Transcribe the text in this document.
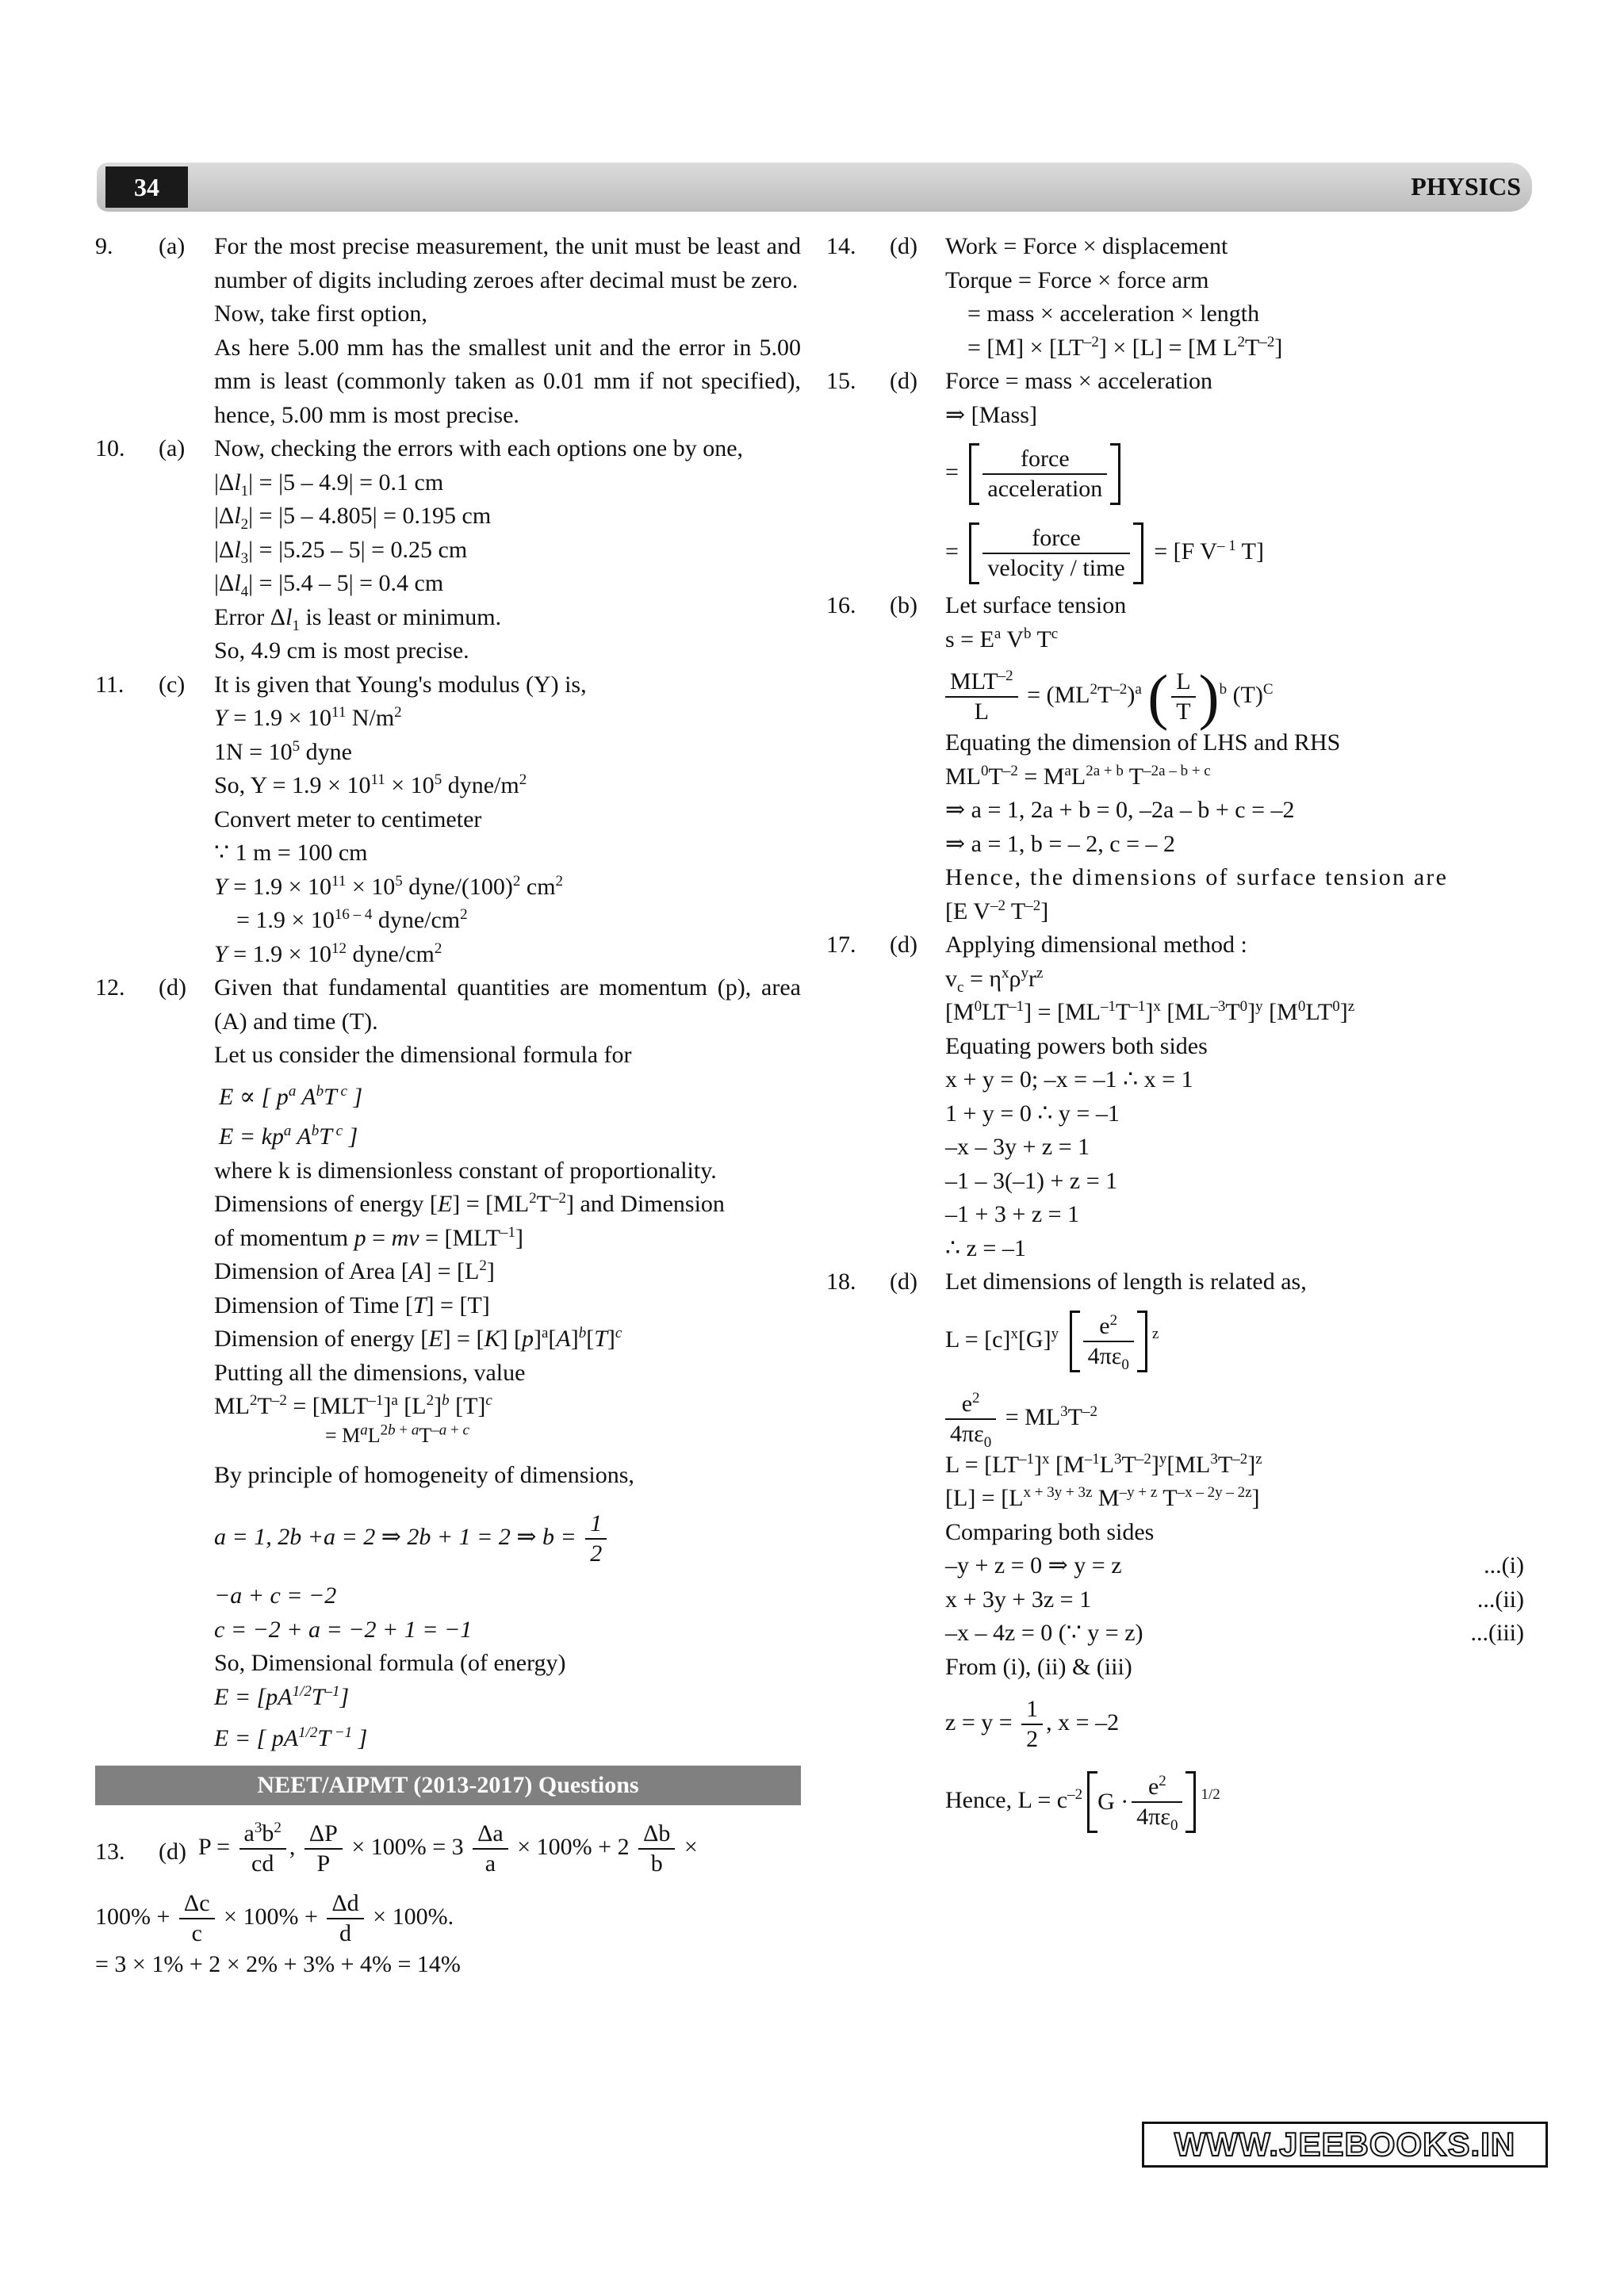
34	PHYSICS
9. (a) For the most precise measurement, the unit must be least and number of digits including zeroes after decimal must be zero.
Now, take first option,
As here 5.00 mm has the smallest unit and the error in 5.00 mm is least (commonly taken as 0.01 mm if not specified), hence, 5.00 mm is most precise.
10. (a) Now, checking the errors with each options one by one,
$|\Delta l_1| = |5 - 4.9| = 0.1$ cm
$|\Delta l_2| = |5 - 4.805| = 0.195$ cm
$|\Delta l_3| = |5.25 - 5| = 0.25$ cm
$|\Delta l_4| = |5.4 - 5| = 0.4$ cm
Error $\Delta l_1$ is least or minimum.
So, 4.9 cm is most precise.
11. (c) It is given that Young's modulus (Y) is,
$Y = 1.9 \times 10^{11}$ $N/m^2$
$1N = 10^5$ dyne
So, $Y = 1.9 \times 10^{11} \times 10^5$ dyne/$m^2$
Convert meter to centimeter
∵ 1 m = 100 cm
$Y = 1.9 \times 10^{11} \times 10^5$ dyne/$(100)^2$ $cm^2$
= $1.9 \times 10^{16 - 4}$ dyne/$cm^2$
$Y = 1.9 \times 10^{12}$ dyne/$cm^2$
12. (d) Given that fundamental quantities are momentum (p), area (A) and time (T).
Let us consider the dimensional formula for
E ∝ [ $p^a$ $A^bT$ $^c$ ]
$E = kp^a$ $A^bT$ $^c$ ]
where k is dimensionless constant of proportionality.
Dimensions of energy $[E] = [ML^2T^{-2}]$ and Dimension
of momentum p = mv = $[MLT^{-1}]$
Dimension of Area $[A] = [L^2]$
Dimension of Time [T] = [T]
Dimension of energy [E] = [K] $[p]^a[A]^b[T]^c$
Putting all the dimensions, value
$ML^2T^{-2} = [MLT^{-1}]^a$ $[L^2]^b$ $[T]^c$
= $M^aL^{2b + a}T^{-a + c}$
By principle of homogeneity of dimensions,
a = 1, 2b +a = 2 ⇒ 2b + 1 = 2 ⇒ $b = \frac{1}{2}$
−a + c = −2
c = −2 + a = −2 + 1 = −1
So, Dimensional formula (of energy)
$E = [pA^{1/2}T^{-1}]$
E = [ $pA^{1/2}T$ $^{-1}$ ]
NEET/AIPMT (2013-2017) Questions
13. (d) $P = \frac{a^3b^2}{cd}$ , $\frac{\Delta P}{P} \times 100\% = 3 \frac{\Delta a}{a} \times 100\% + 2 \frac{\Delta b}{b}$ ×
$100\% + \frac{\Delta c}{c} \times 100\% + \frac{\Delta d}{d} \times 100\%$.
= 3 × 1% + 2 × 2% + 3% + 4% = 14%
14. (d) Work = Force × displacement
Torque = Force × force arm
= mass × acceleration × length
= $[M] \times [LT^{-2}] \times [L] = [M$ $L^2T^{-2}$]
15. (d) Force = mass × acceleration
⇒ [Mass]
= $\frac{\text{force}}{\text{acceleration}}$
= $\frac{\text{force}}{\text{velocity / time}} = [F$ $V^{- 1}$ T]
16. (b) Let surface tension
$s = E^a$ $V^b$ $T^c$
$\frac{MLT^{-2}}{L} = (ML^2T^{-2})^a$ ( $\frac{L}{T}$ ) $^b$ $(T)^C$
Equating the dimension of LHS and RHS
$ML^0T^{-2} = M^aL^{2a + b}$ $T^{-2a - b + c}$
⇒ a = 1, 2a + b = 0, –2a – b + c = –2
⇒ a = 1, b = – 2, c = – 2
Hence, the dimensions of surface tension are
[E $V^{-2}$ $T^{-2}$]
17. (d) Applying dimensional method :
$v_c = \eta^x\rho^yr^z$
$[M^0LT^{-1}] = [ML^{-1}T^{-1}]^x$ $[ML^{-3}T^0]^y$ $[M^0LT^0]^z$
Equating powers both sides
x + y = 0; –x = –1 ∴ x = 1
1 + y = 0 ∴ y = –1
–x – 3y + z = 1
–1 – 3(–1) + z = 1
–1 + 3 + z = 1
∴ z = –1
18. (d) Let dimensions of length is related as,
$L = [c]^x[G]^y \frac{e^2}{4\pi\varepsilon_0} ^z$
$\frac{e^2}{4\pi\varepsilon_0} = ML^3T^{-2}$
$L = [LT^{-1}]^x$ $[M^{-1}L^3T^{-2}]^y[ML^3T^{-2}]^z$
$[L] = [L^{x + 3y + 3z}$ $M^{-y + z}$ $T^{-x - 2y - 2z}$]
Comparing both sides
–y + z = 0 ⇒ y = z	...(i)
x + 3y + 3z = 1	...(ii)
–x – 4z = 0 (∵ y = z)	...(iii)
From (i), (ii) & (iii)
$z = y = \frac{1}{2}$ , x = –2
Hence, $L = c^{-2}$ $G \cdot \frac{e^2}{4\pi\varepsilon_0} ^{1/2}$
WWW.JEEBOOKS.IN
